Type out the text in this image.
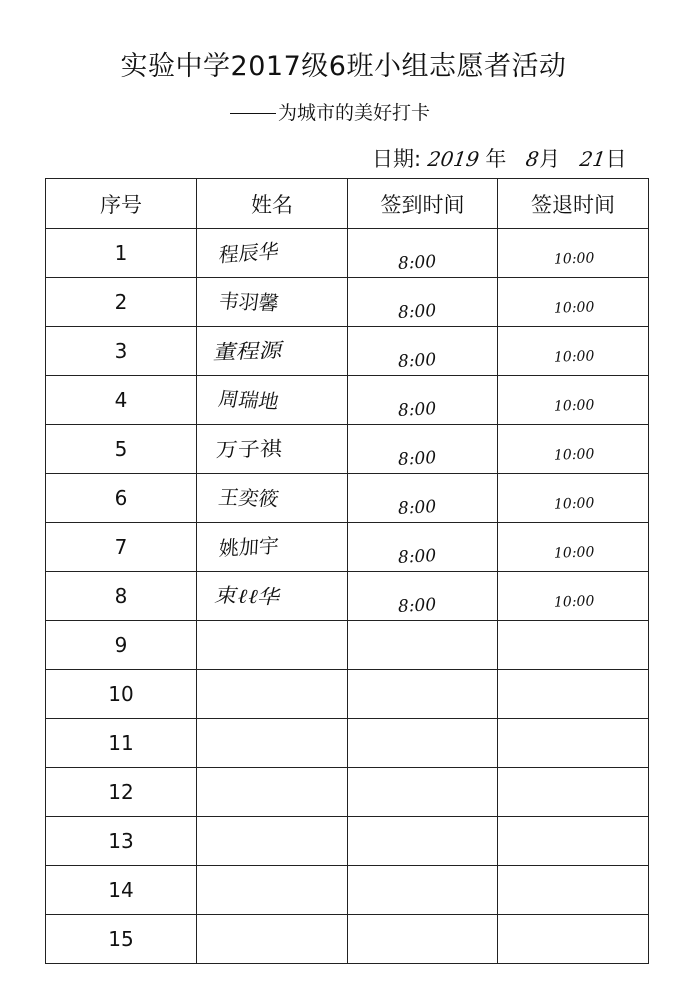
实验中学2017级6班小组志愿者活动
为城市的美好打卡
日期: 2019 年 8月 21日
序号	姓名	签到时间	签退时间
1	程辰华	8:00	10:00

2	韦羽馨	8:00	10:00

3	董程源	8:00	10:00

4	周瑞地	8:00	10:00

5	万子祺	8:00	10:00

6	王奕筱	8:00	10:00

7	姚加宇	8:00	10:00

8	束ℓℓ华	8:00	10:00

9			
10			
11			
12			
13			
14			
15			
